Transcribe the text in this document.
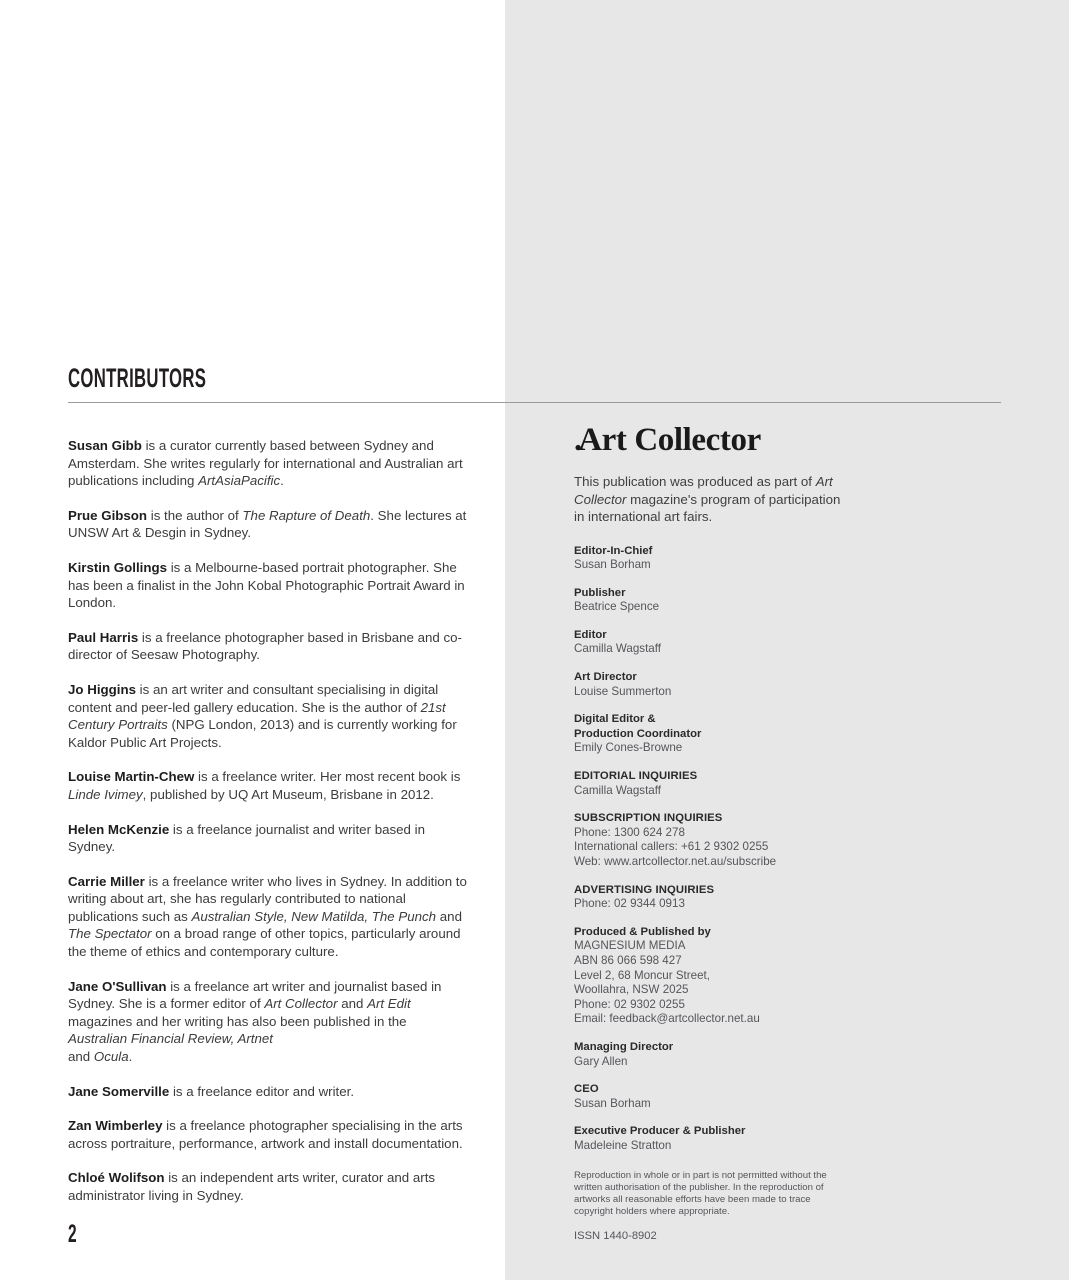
CONTRIBUTORS

Susan Gibb is a curator currently based between Sydney and Amsterdam. She writes regularly for international and Australian art publications including ArtAsiaPacific.

Prue Gibson is the author of The Rapture of Death. She lectures at UNSW Art & Desgin in Sydney.

Kirstin Gollings is a Melbourne-based portrait photographer. She has been a finalist in the John Kobal Photographic Portrait Award in London.

Paul Harris is a freelance photographer based in Brisbane and co-director of Seesaw Photography.

Jo Higgins is an art writer and consultant specialising in digital content and peer-led gallery education. She is the author of 21st Century Portraits (NPG London, 2013) and is currently working for Kaldor Public Art Projects.

Louise Martin-Chew is a freelance writer. Her most recent book is Linde Ivimey, published by UQ Art Museum, Brisbane in 2012.

Helen McKenzie is a freelance journalist and writer based in Sydney.

Carrie Miller is a freelance writer who lives in Sydney. In addition to writing about art, she has regularly contributed to national publications such as Australian Style, New Matilda, The Punch and The Spectator on a broad range of other topics, particularly around the theme of ethics and contemporary culture.

Jane O'Sullivan is a freelance art writer and journalist based in Sydney. She is a former editor of Art Collector and Art Edit magazines and her writing has also been published in the Australian Financial Review, Artnet
and Ocula.

Jane Somerville is a freelance editor and writer.

Zan Wimberley is a freelance photographer specialising in the arts across portraiture, performance, artwork and install documentation.

Chloé Wolifson is an independent arts writer, curator and arts administrator living in Sydney.

2
.Art Collector

This publication was produced as part of Art Collector magazine's program of participation in international art fairs.

Editor-In-Chief
Susan Borham
Publisher
Beatrice Spence
Editor
Camilla Wagstaff
Art Director
Louise Summerton
Digital Editor &
Production Coordinator
Emily Cones-Browne
EDITORIAL INQUIRIES
Camilla Wagstaff
SUBSCRIPTION INQUIRIES
Phone: 1300 624 278
International callers: +61 2 9302 0255
Web: www.artcollector.net.au/subscribe
ADVERTISING INQUIRIES
Phone: 02 9344 0913
Produced & Published by
MAGNESIUM MEDIA
ABN 86 066 598 427
Level 2, 68 Moncur Street,
Woollahra, NSW 2025
Phone: 02 9302 0255
Email: feedback@artcollector.net.au
Managing Director
Gary Allen
CEO
Susan Borham
Executive Producer & Publisher
Madeleine Stratton

Reproduction in whole or in part is not permitted without the written authorisation of the publisher. In the reproduction of artworks all reasonable efforts have been made to trace copyright holders where appropriate.

ISSN 1440-8902
